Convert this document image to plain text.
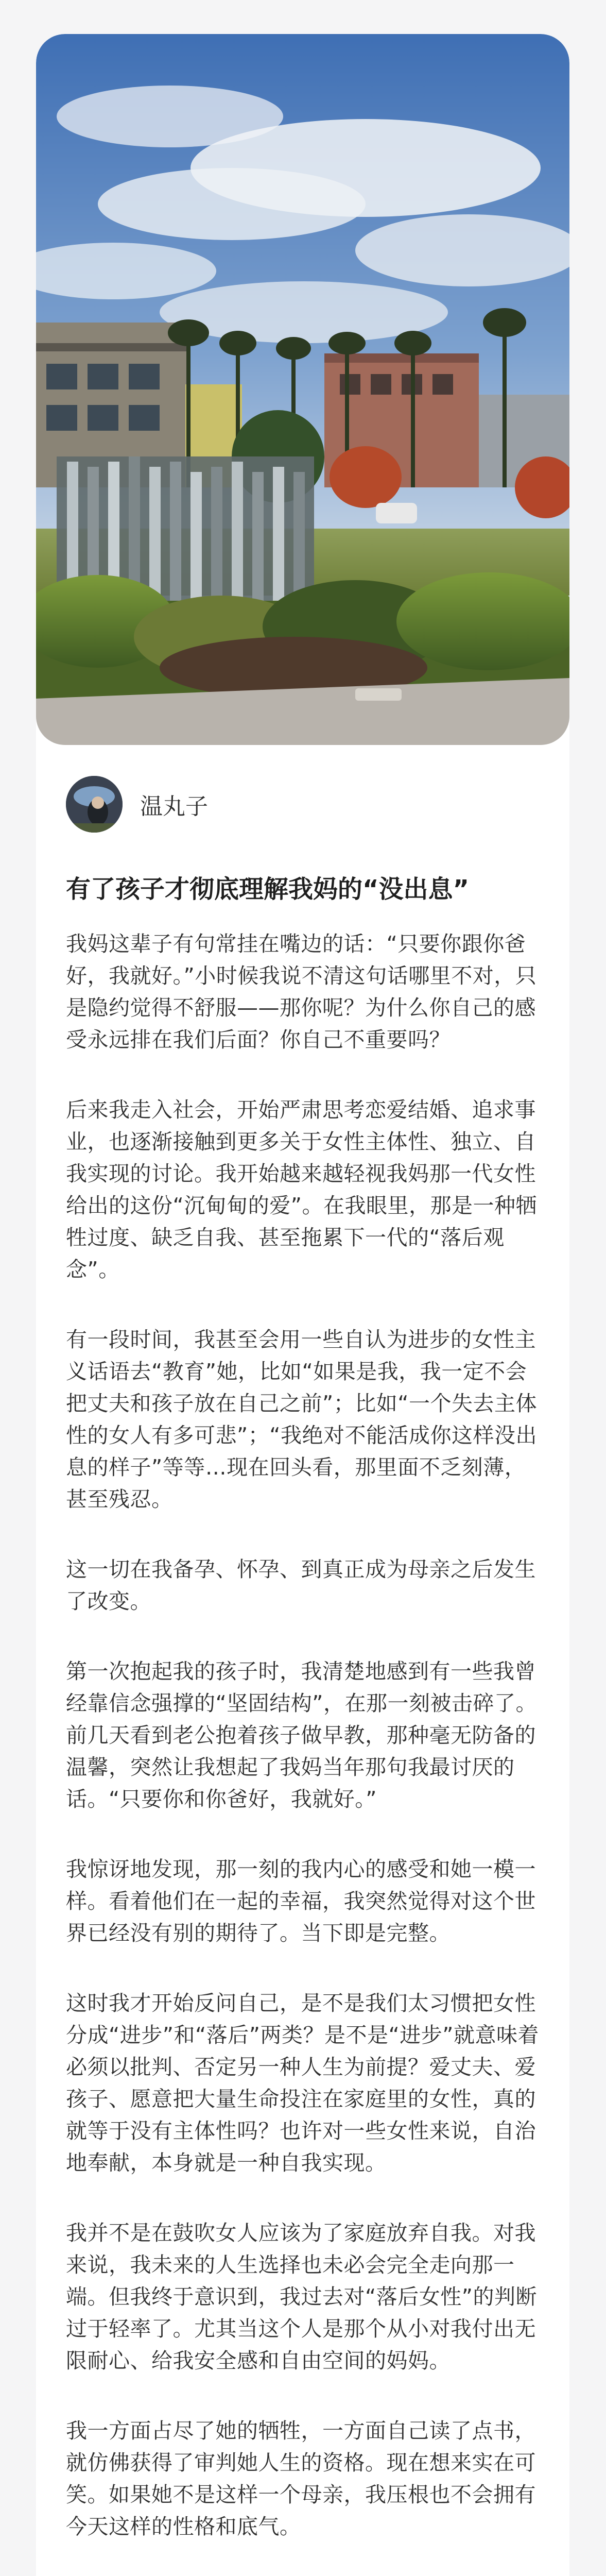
温丸子
有了孩子才彻底理解我妈的“没出息”

我妈这辈子有句常挂在嘴边的话：“只要你跟你爸好，我就好。”小时候我说不清这句话哪里不对，只是隐约觉得不舒服——那你呢？为什么你自己的感受永远排在我们后面？你自己不重要吗？

后来我走入社会，开始严肃思考恋爱结婚、追求事业，也逐渐接触到更多关于女性主体性、独立、自我实现的讨论。我开始越来越轻视我妈那一代女性给出的这份“沉甸甸的爱”。在我眼里，那是一种牺牲过度、缺乏自我、甚至拖累下一代的“落后观念”。

有一段时间，我甚至会用一些自认为进步的女性主义话语去“教育”她，比如“如果是我，我一定不会把丈夫和孩子放在自己之前”；比如“一个失去主体性的女人有多可悲”；“我绝对不能活成你这样没出息的样子”等等…现在回头看，那里面不乏刻薄，甚至残忍。

这一切在我备孕、怀孕、到真正成为母亲之后发生了改变。

第一次抱起我的孩子时，我清楚地感到有一些我曾经靠信念强撑的“坚固结构”，在那一刻被击碎了。前几天看到老公抱着孩子做早教，那种毫无防备的温馨，突然让我想起了我妈当年那句我最讨厌的话。“只要你和你爸好，我就好。”

我惊讶地发现，那一刻的我内心的感受和她一模一样。看着他们在一起的幸福，我突然觉得对这个世界已经没有别的期待了。当下即是完整。

这时我才开始反问自己，是不是我们太习惯把女性分成“进步”和“落后”两类？是不是“进步”就意味着必须以批判、否定另一种人生为前提？爱丈夫、爱孩子、愿意把大量生命投注在家庭里的女性，真的就等于没有主体性吗？也许对一些女性来说，自治地奉献，本身就是一种自我实现。

我并不是在鼓吹女人应该为了家庭放弃自我。对我来说，我未来的人生选择也未必会完全走向那一端。但我终于意识到，我过去对“落后女性”的判断过于轻率了。尤其当这个人是那个从小对我付出无限耐心、给我安全感和自由空间的妈妈。

我一方面占尽了她的牺牲，一方面自己读了点书，就仿佛获得了审判她人生的资格。现在想来实在可笑。如果她不是这样一个母亲，我压根也不会拥有今天这样的性格和底气。
